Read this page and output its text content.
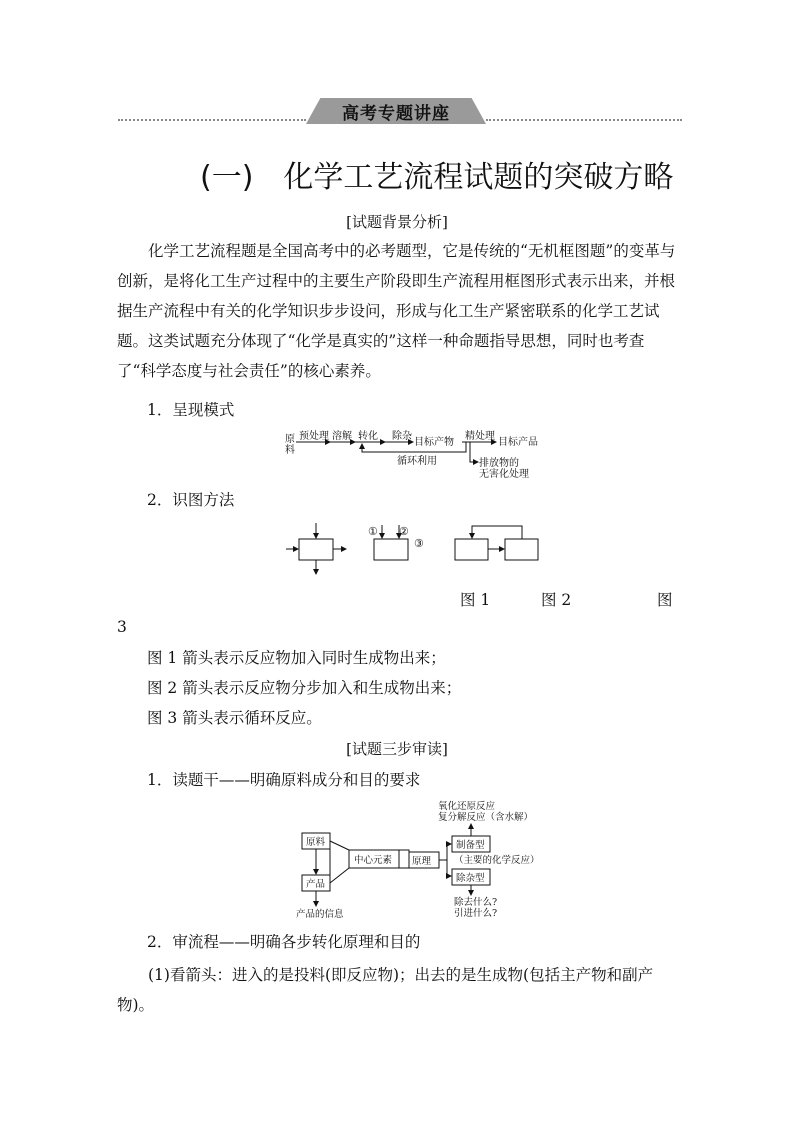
高考专题讲座
(一)　化学工艺流程试题的突破方略
[试题背景分析]
化学工艺流程题是全国高考中的必考题型，它是传统的“无机框图题”的变革与创新，是将化工生产过程中的主要生产阶段即生产流程用框图形式表示出来，并根据生产流程中有关的化学知识步步设问，形成与化工生产紧密联系的化学工艺试题。这类试题充分体现了“化学是真实的”这样一种命题指导思想，同时也考查了“科学态度与社会责任”的核心素养。
1．呈现模式
原
料
预处理 溶解 转化 除杂
目标产物
精处理
目标产品
循环利用	排放物的
无害化处理
2．识图方法
① ②
③
图 1	图 2	图
3
图 1 箭头表示反应物加入同时生成物出来；
图 2 箭头表示反应物分步加入和生成物出来；
图 3 箭头表示循环反应。
[试题三步审读]
1．读题干——明确原料成分和目的要求
原料
产品
中心元素 原理
氧化还原反应
复分解反应（含水解）
制备型
（主要的化学反应）
除杂型
产品的信息
除去什么?
引进什么?
2．审流程——明确各步转化原理和目的
(1)看箭头：进入的是投料(即反应物)；出去的是生成物(包括主产物和副产物)。
